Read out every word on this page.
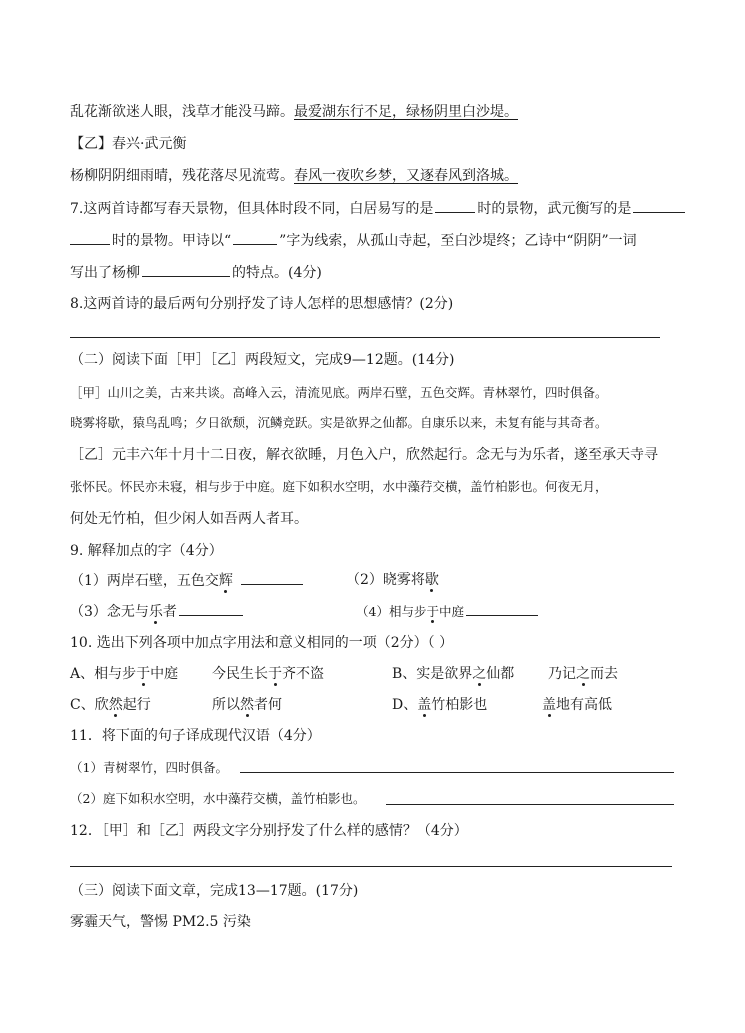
乱花渐欲迷人眼，浅草才能没马蹄。最爱湖东行不足，绿杨阴里白沙堤。
【乙】春兴·武元衡
杨柳阴阴细雨晴，残花落尽见流莺。春风一夜吹乡梦，又逐春风到洛城。
7.这两首诗都写春天景物，但具体时段不同，白居易写的是	时的景物，武元衡写的是
时的景物。甲诗以“	”字为线索，从孤山寺起，至白沙堤终；乙诗中“阴阴”一词
写出了杨柳	的特点。(4分)
8.这两首诗的最后两句分别抒发了诗人怎样的思想感情？(2分)
（二）阅读下面［甲］［乙］两段短文，完成9—12题。(14分)
［甲］山川之美，古来共谈。高峰入云，清流见底。两岸石壁，五色交辉。青林翠竹，四时俱备。
晓雾将歇，猿鸟乱鸣；夕日欲颓，沉鳞竞跃。实是欲界之仙都。自康乐以来，未复有能与其奇者。
［乙］元丰六年十月十二日夜，解衣欲睡，月色入户，欣然起行。念无与为乐者，遂至承天寺寻
张怀民。怀民亦未寝，相与步于中庭。庭下如积水空明，水中藻荇交横，盖竹柏影也。何夜无月，
何处无竹柏，但少闲人如吾两人者耳。
9. 解释加点的字（4分）
（1）两岸石壁，五色交辉	（2）晓雾将歇
（3）念无与乐者	（4）相与步于中庭
10. 选出下列各项中加点字用法和意义相同的一项（2分）（ ）
A、相与步于中庭 今民生长于齐不盗	B、实是欲界之仙都 乃记之而去
C、欣然起行	所以然者何	D、盖竹柏影也	盖地有高低
11．将下面的句子译成现代汉语（4分）
（1）青树翠竹，四时俱备。
（2）庭下如积水空明，水中藻荇交横，盖竹柏影也。
12．［甲］和［乙］两段文字分别抒发了什么样的感情？（4分）
（三）阅读下面文章，完成13—17题。(17分)
雾霾天气，警惕 PM2.5 污染
